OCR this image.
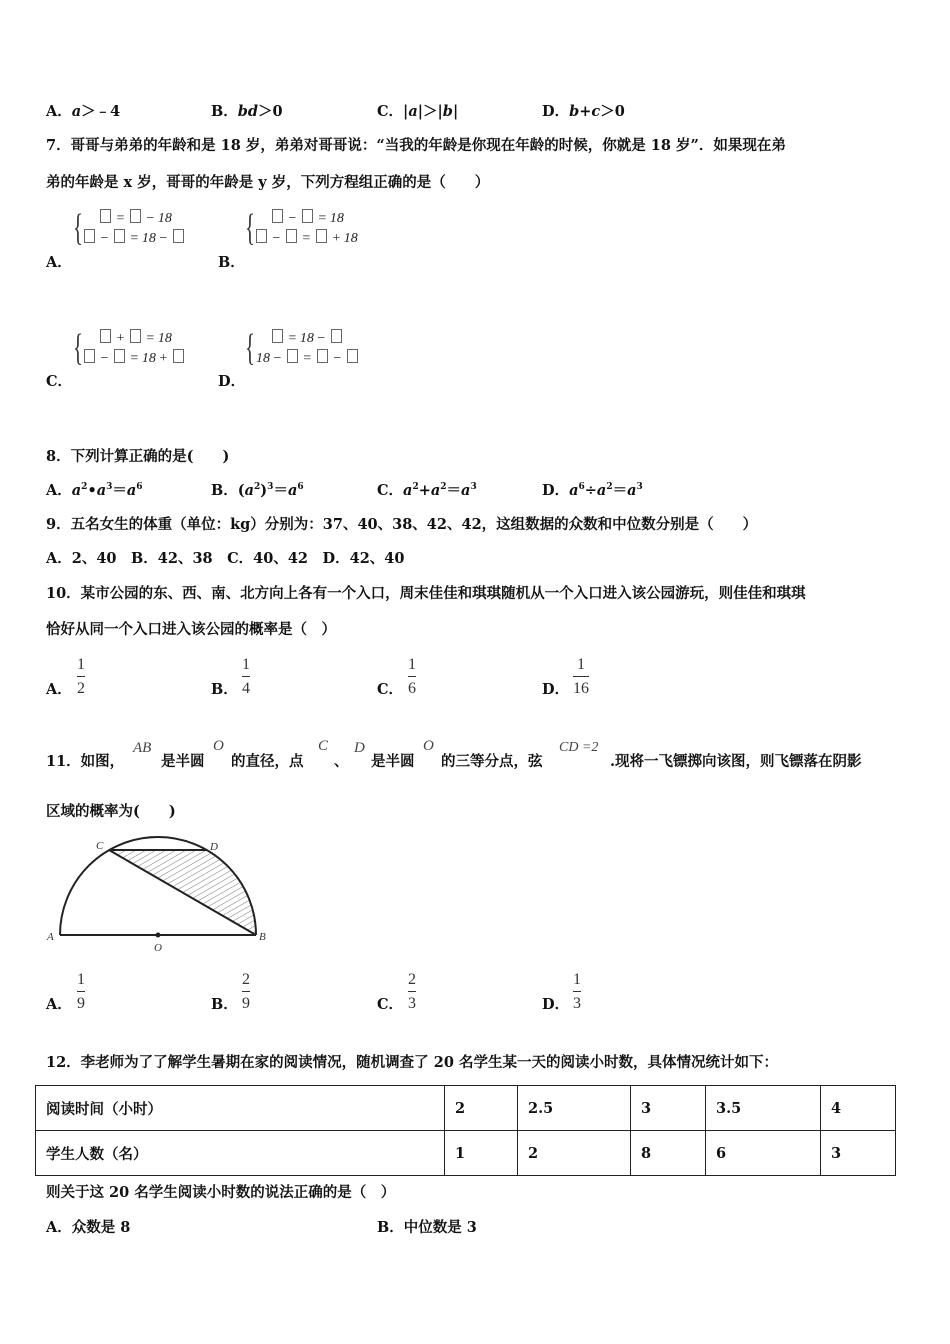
A．a＞﹣4	B．bd＞0	C．|a|＞|b|	D．b+c＞0
7．哥哥与弟弟的年龄和是 18 岁，弟弟对哥哥说：“当我的年龄是你现在年龄的时候，你就是 18 岁”．如果现在弟
弟的年龄是 x 岁，哥哥的年龄是 y 岁，下列方程组正确的是（　　）
{	=  − 18
−  = 18 −
A．
{	−  = 18
−  =  + 18
B．
{	+  = 18
−  = 18 +
C．
{	= 18 −
18 −  =  −
D．
8．下列计算正确的是(　　)
A．$a^2•a^3=a^6$	B．$(a^2)^3=a^6$	C．$a^2+a^2=a^3$	D．$a^6\div a^2=a^3$
9．五名女生的体重（单位：kg）分别为：37、40、38、42、42，这组数据的众数和中位数分别是（　　）
A．2、40　B．42、38　C．40、42　D．42、40
10．某市公园的东、西、南、北方向上各有一个入口，周末佳佳和琪琪随机从一个入口进入该公园游玩，则佳佳和琪琪
恰好从同一个入口进入该公园的概率是（　）
A．
1
2	B．
1
4	C．
1
6	D．
1
16
11．如图，
AB
是半圆
O
的直径，点
C
、
D
是半圆
O
的三等分点，弦
CD =2
.现将一飞镖掷向该图，则飞镖落在阴影
区域的概率为(　　)
A	B
C	D
O
A．
1
9	B．
2
9	C．
2
3	D．
1
3
12．李老师为了了解学生暑期在家的阅读情况，随机调查了 20 名学生某一天的阅读小时数，具体情况统计如下：
阅读时间（小时）	2	2.5	3	3.5	4
学生人数（名）	1	2	8	6	3
则关于这 20 名学生阅读小时数的说法正确的是（　）
A．众数是 8	B．中位数是 3
